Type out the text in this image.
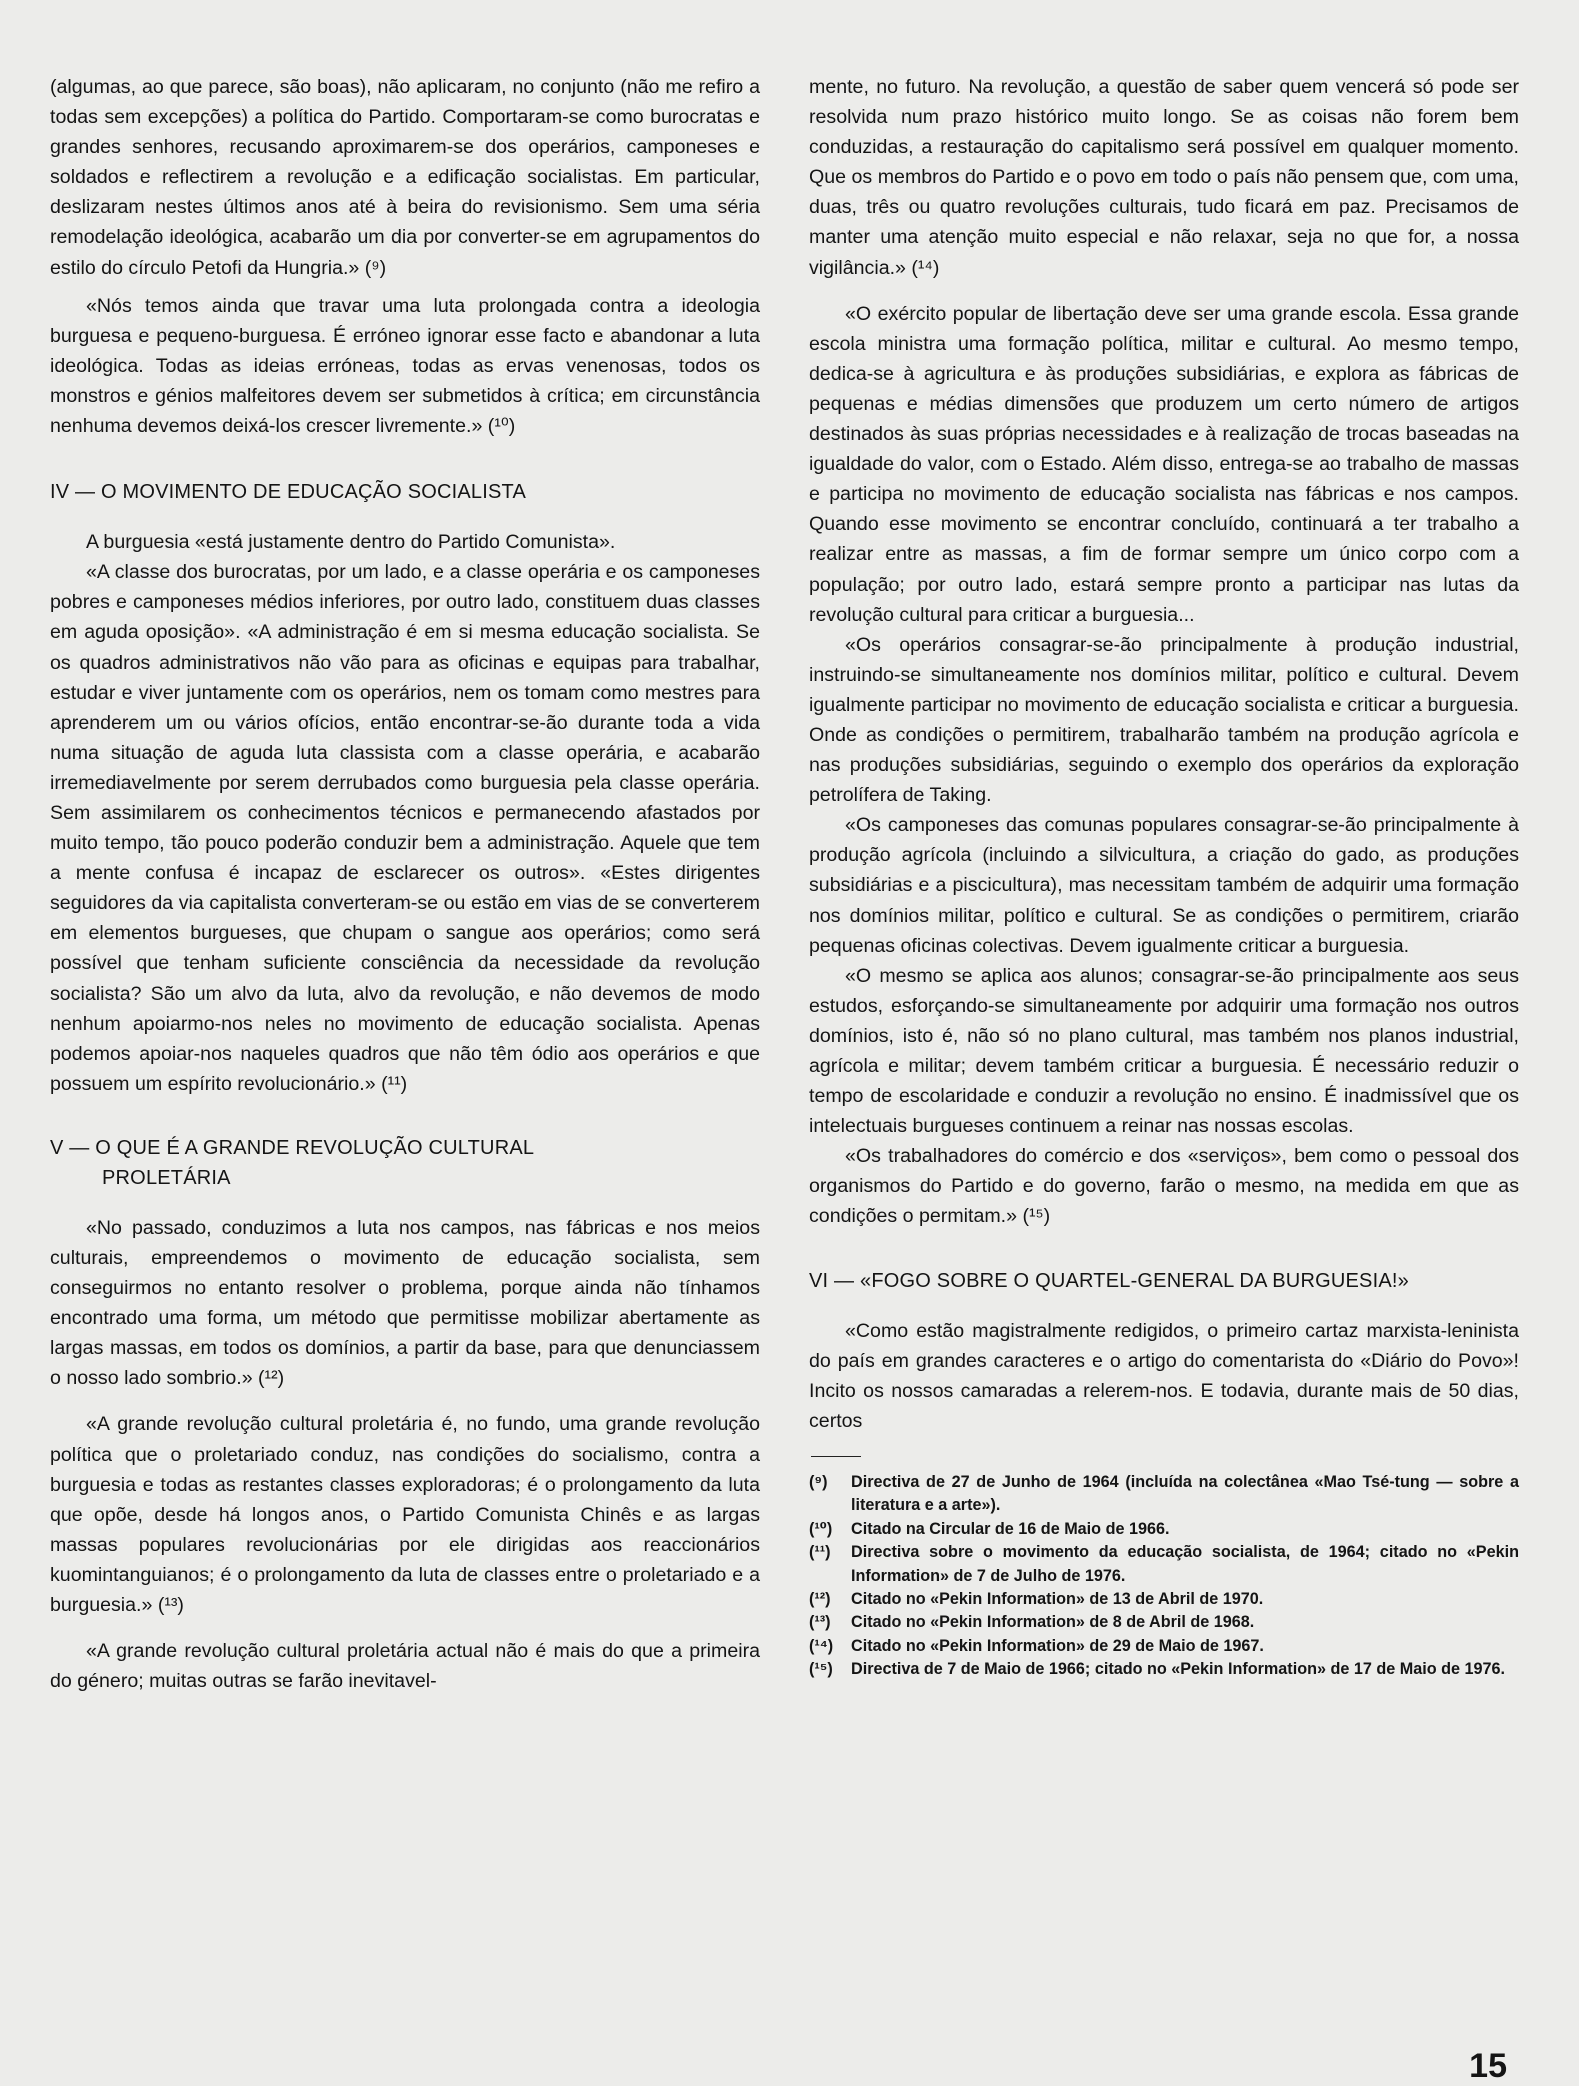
(algumas, ao que parece, são boas), não aplicaram, no conjunto (não me refiro a todas sem excepções) a política do Partido. Comportaram-se como burocratas e grandes senhores, recusando aproximarem-se dos operários, camponeses e soldados e reflectirem a revolução e a edificação socialistas. Em particular, deslizaram nestes últimos anos até à beira do revisionismo. Sem uma séria remodelação ideológica, acabarão um dia por converter-se em agrupamentos do estilo do círculo Petofi da Hungria.» (⁹)

«Nós temos ainda que travar uma luta prolongada contra a ideologia burguesa e pequeno-burguesa. É erróneo ignorar esse facto e abandonar a luta ideológica. Todas as ideias erróneas, todas as ervas venenosas, todos os monstros e génios malfeitores devem ser submetidos à crítica; em circunstância nenhuma devemos deixá-los crescer livremente.» (¹⁰)

IV — O MOVIMENTO DE EDUCAÇÃO SOCIALISTA

A burguesia «está justamente dentro do Partido Comunista».

«A classe dos burocratas, por um lado, e a classe operária e os camponeses pobres e camponeses médios inferiores, por outro lado, constituem duas classes em aguda oposição». «A administração é em si mesma educação socialista. Se os quadros administrativos não vão para as oficinas e equipas para trabalhar, estudar e viver juntamente com os operários, nem os tomam como mestres para aprenderem um ou vários ofícios, então encontrar-se-ão durante toda a vida numa situação de aguda luta classista com a classe operária, e acabarão irremediavelmente por serem derrubados como burguesia pela classe operária. Sem assimilarem os conhecimentos técnicos e permanecendo afastados por muito tempo, tão pouco poderão conduzir bem a administração. Aquele que tem a mente confusa é incapaz de esclarecer os outros». «Estes dirigentes seguidores da via capitalista converteram-se ou estão em vias de se converterem em elementos burgueses, que chupam o sangue aos operários; como será possível que tenham suficiente consciência da necessidade da revolução socialista? São um alvo da luta, alvo da revolução, e não devemos de modo nenhum apoiarmo-nos neles no movimento de educação socialista. Apenas podemos apoiar-nos naqueles quadros que não têm ódio aos operários e que possuem um espírito revolucionário.» (¹¹)

V — O QUE É A GRANDE REVOLUÇÃO CULTURAL
PROLETÁRIA

«No passado, conduzimos a luta nos campos, nas fábricas e nos meios culturais, empreendemos o movimento de educação socialista, sem conseguirmos no entanto resolver o problema, porque ainda não tínhamos encontrado uma forma, um método que permitisse mobilizar abertamente as largas massas, em todos os domínios, a partir da base, para que denunciassem o nosso lado sombrio.» (¹²)

«A grande revolução cultural proletária é, no fundo, uma grande revolução política que o proletariado conduz, nas condições do socialismo, contra a burguesia e todas as restantes classes exploradoras; é o prolongamento da luta que opõe, desde há longos anos, o Partido Comunista Chinês e as largas massas populares revolucionárias por ele dirigidas aos reaccionários kuomintanguianos; é o prolongamento da luta de classes entre o proletariado e a burguesia.» (¹³)

«A grande revolução cultural proletária actual não é mais do que a primeira do género; muitas outras se farão inevitavel-

mente, no futuro. Na revolução, a questão de saber quem vencerá só pode ser resolvida num prazo histórico muito longo. Se as coisas não forem bem conduzidas, a restauração do capitalismo será possível em qualquer momento. Que os membros do Partido e o povo em todo o país não pensem que, com uma, duas, três ou quatro revoluções culturais, tudo ficará em paz. Precisamos de manter uma atenção muito especial e não relaxar, seja no que for, a nossa vigilância.» (¹⁴)

«O exército popular de libertação deve ser uma grande escola. Essa grande escola ministra uma formação política, militar e cultural. Ao mesmo tempo, dedica-se à agricultura e às produções subsidiárias, e explora as fábricas de pequenas e médias dimensões que produzem um certo número de artigos destinados às suas próprias necessidades e à realização de trocas baseadas na igualdade do valor, com o Estado. Além disso, entrega-se ao trabalho de massas e participa no movimento de educação socialista nas fábricas e nos campos. Quando esse movimento se encontrar concluído, continuará a ter trabalho a realizar entre as massas, a fim de formar sempre um único corpo com a população; por outro lado, estará sempre pronto a participar nas lutas da revolução cultural para criticar a burguesia...

«Os operários consagrar-se-ão principalmente à produção industrial, instruindo-se simultaneamente nos domínios militar, político e cultural. Devem igualmente participar no movimento de educação socialista e criticar a burguesia. Onde as condições o permitirem, trabalharão também na produção agrícola e nas produções subsidiárias, seguindo o exemplo dos operários da exploração petrolífera de Taking.

«Os camponeses das comunas populares consagrar-se-ão principalmente à produção agrícola (incluindo a silvicultura, a criação do gado, as produções subsidiárias e a piscicultura), mas necessitam também de adquirir uma formação nos domínios militar, político e cultural. Se as condições o permitirem, criarão pequenas oficinas colectivas. Devem igualmente criticar a burguesia.

«O mesmo se aplica aos alunos; consagrar-se-ão principalmente aos seus estudos, esforçando-se simultaneamente por adquirir uma formação nos outros domínios, isto é, não só no plano cultural, mas também nos planos industrial, agrícola e militar; devem também criticar a burguesia. É necessário reduzir o tempo de escolaridade e conduzir a revolução no ensino. É inadmissível que os intelectuais burgueses continuem a reinar nas nossas escolas.

«Os trabalhadores do comércio e dos «serviços», bem como o pessoal dos organismos do Partido e do governo, farão o mesmo, na medida em que as condições o permitam.» (¹⁵)

VI — «FOGO SOBRE O QUARTEL-GENERAL DA BURGUESIA!»

«Como estão magistralmente redigidos, o primeiro cartaz marxista-leninista do país em grandes caracteres e o artigo do comentarista do «Diário do Povo»! Incito os nossos camaradas a relerem-nos. E todavia, durante mais de 50 dias, certos

(⁹)	Directiva de 27 de Junho de 1964 (incluída na colectânea «Mao Tsé-tung — sobre a literatura e a arte»).
(¹⁰)	Citado na Circular de 16 de Maio de 1966.
(¹¹)	Directiva sobre o movimento da educação socialista, de 1964; citado no «Pekin Information» de 7 de Julho de 1976.
(¹²)	Citado no «Pekin Information» de 13 de Abril de 1970.
(¹³)	Citado no «Pekin Information» de 8 de Abril de 1968.
(¹⁴)	Citado no «Pekin Information» de 29 de Maio de 1967.
(¹⁵)	Directiva de 7 de Maio de 1966; citado no «Pekin Information» de 17 de Maio de 1976.
15
